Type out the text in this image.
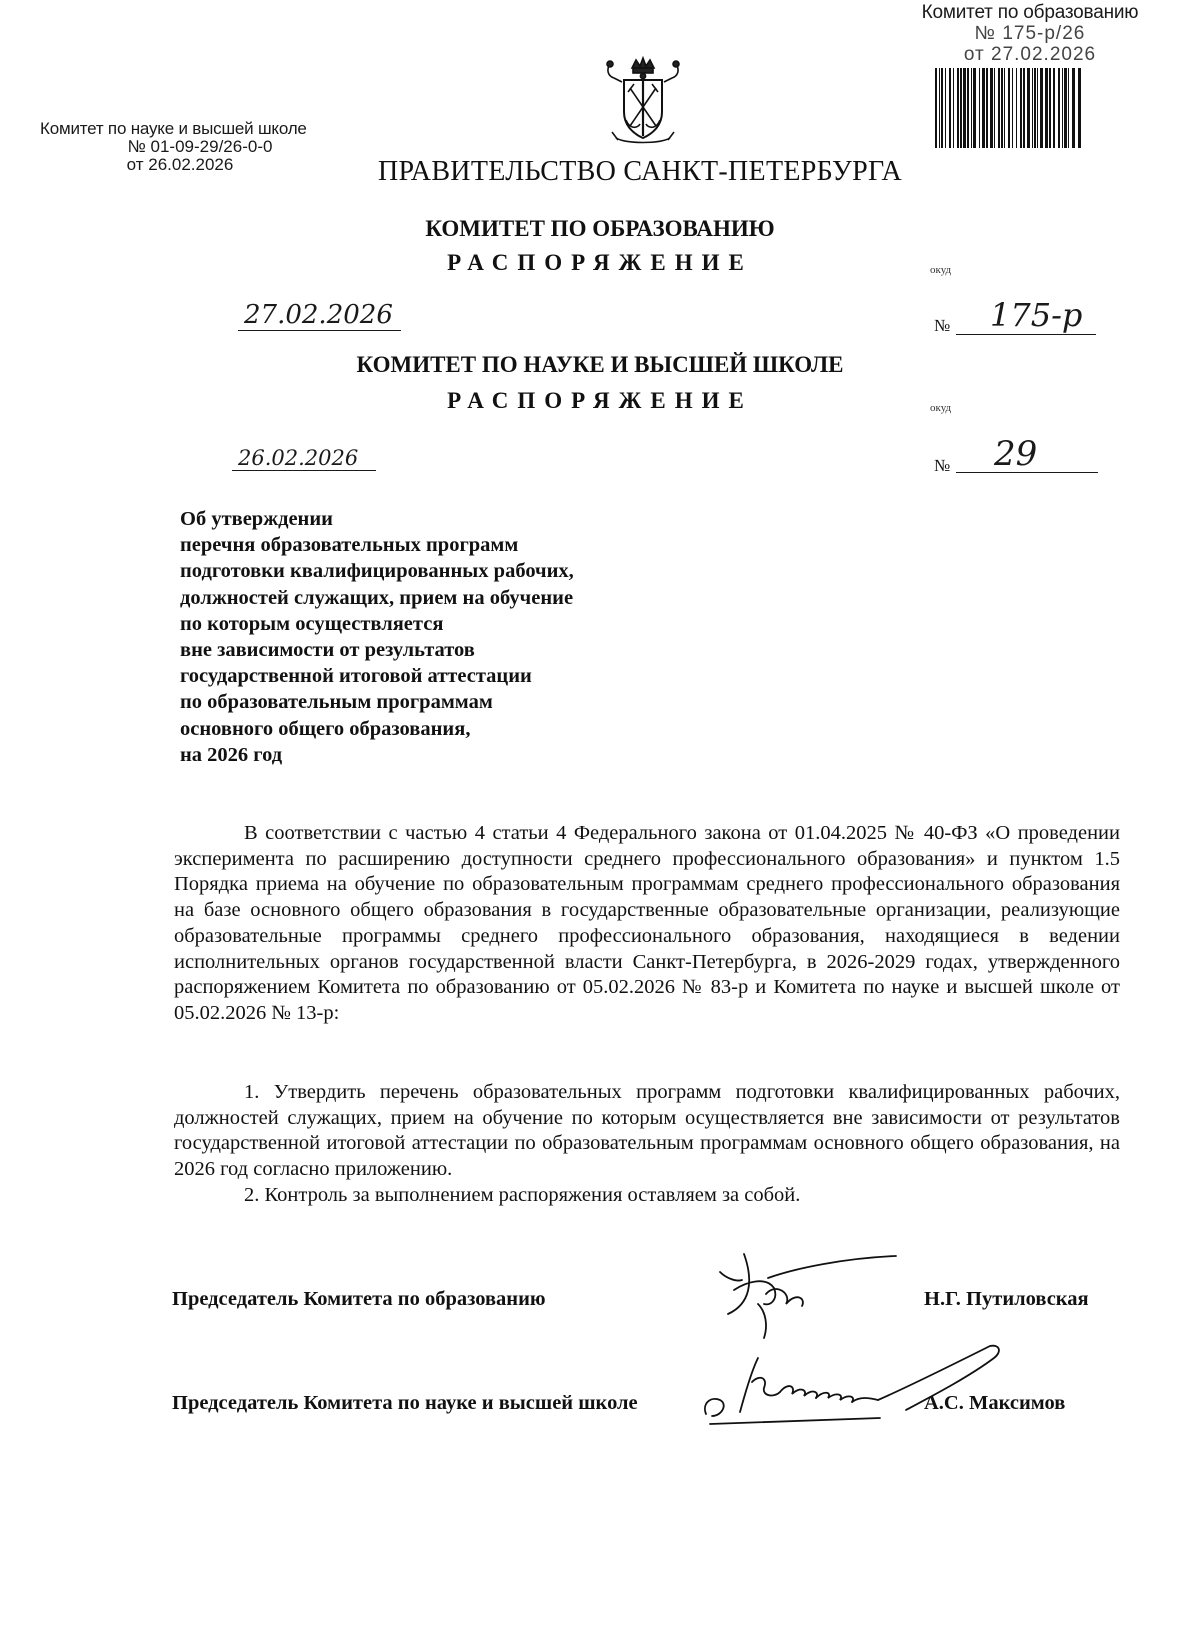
Комитет по науке и высшей школе
№ 01-09-29/26-0-0
от 26.02.2026
Комитет по образованию
№ 175-р/26
от 27.02.2026
ПРАВИТЕЛЬСТВО САНКТ-ПЕТЕРБУРГА
КОМИТЕТ ПО ОБРАЗОВАНИЮ
РАСПОРЯЖЕНИЕ	окуд
27.02.2026	№ 175-р
КОМИТЕТ ПО НАУКЕ И ВЫСШЕЙ ШКОЛЕ
РАСПОРЯЖЕНИЕ	окуд
26.02.2026	№ 29
Об утверждении
перечня образовательных программ
подготовки квалифицированных рабочих,
должностей служащих, прием на обучение
по которым осуществляется
вне зависимости от результатов
государственной итоговой аттестации
по образовательным программам
основного общего образования,
на 2026 год

В соответствии с частью 4 статьи 4 Федерального закона от 01.04.2025 № 40-ФЗ «О проведении эксперимента по расширению доступности среднего профессионального образования» и пунктом 1.5 Порядка приема на обучение по образовательным программам среднего профессионального образования на базе основного общего образования в государственные образовательные организации, реализующие образовательные программы среднего профессионального образования, находящиеся в ведении исполнительных органов государственной власти Санкт-Петербурга, в 2026-2029 годах, утвержденного распоряжением Комитета по образованию от 05.02.2026 № 83-р и Комитета по науке и высшей школе от 05.02.2026 № 13-р:

1. Утвердить перечень образовательных программ подготовки квалифицированных рабочих, должностей служащих, прием на обучение по которым осуществляется вне зависимости от результатов государственной итоговой аттестации по образовательным программам основного общего образования, на 2026 год согласно приложению.

2. Контроль за выполнением распоряжения оставляем за собой.

Председатель Комитета по образованию	Н.Г. Путиловская
Председатель Комитета по науке и высшей школе	А.С. Максимов
